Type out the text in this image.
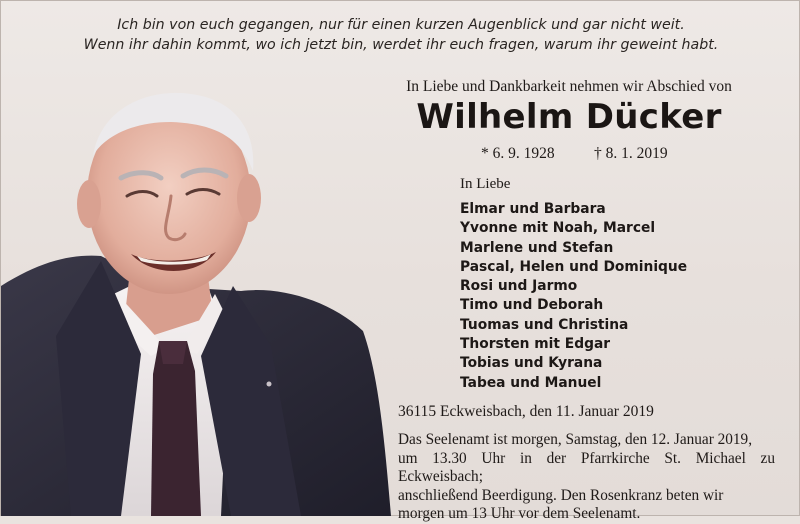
Ich bin von euch gegangen, nur für einen kurzen Augenblick und gar nicht weit.
Wenn ihr dahin kommt, wo ich jetzt bin, werdet ihr euch fragen, warum ihr geweint habt.
In Liebe und Dankbarkeit nehmen wir Abschied von
Wilhelm Dücker
* 6. 9. 1928	† 8. 1. 2019
In Liebe
Elmar und Barbara
Yvonne mit Noah, Marcel
Marlene und Stefan
Pascal, Helen und Dominique
Rosi und Jarmo
Timo und Deborah
Tuomas und Christina
Thorsten mit Edgar
Tobias und Kyrana
Tabea und Manuel
36115 Eckweisbach, den 11. Januar 2019
Das Seelenamt ist morgen, Samstag, den 12. Januar 2019,
um 13.30 Uhr in der Pfarrkirche St. Michael zu Eckweisbach;
anschließend Beerdigung. Den Rosenkranz beten wir
morgen um 13 Uhr vor dem Seelenamt.
